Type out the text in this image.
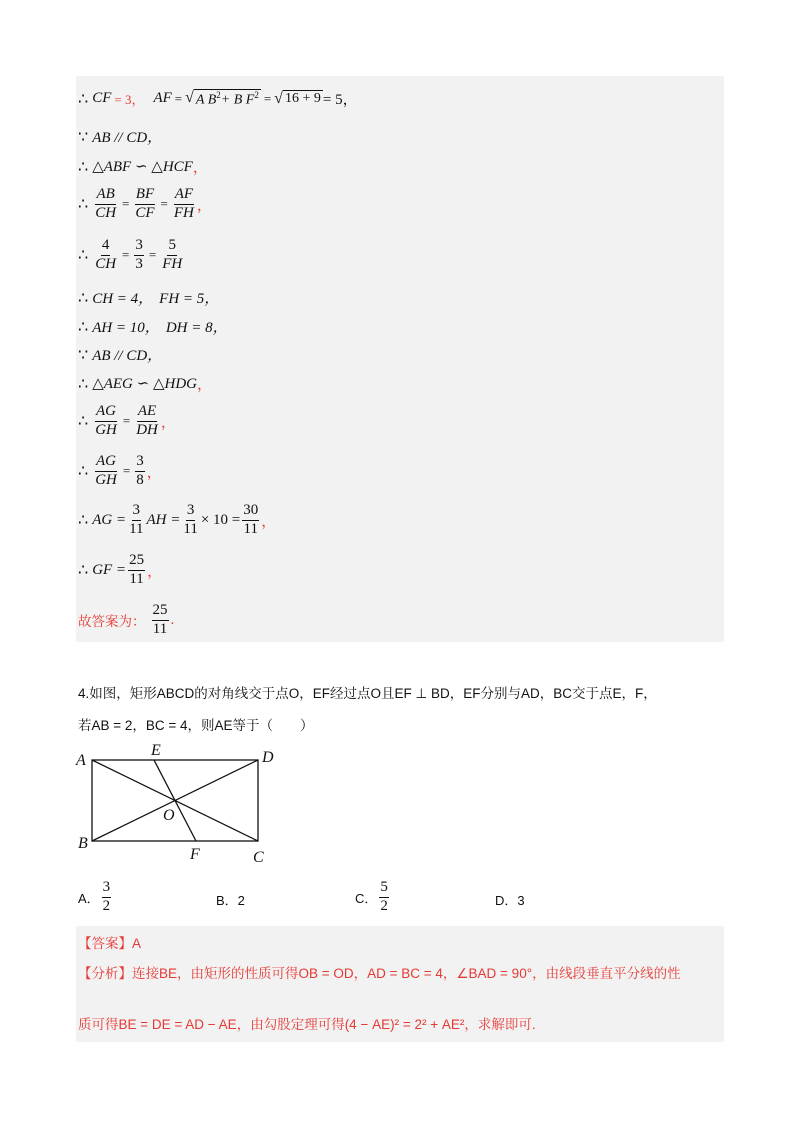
∴ CF = 3， AF = √ A $B^2+ B$ $F^2$ = √ 16 + 9 = 5，
∵ AB // CD，
∴ △ABF ∽ △HCF ，
∴ $\frac{AB}{CH} = \frac{BF}{CF} = \frac{AF}{FH}$ ，
∴ $\frac{4}{CH} = \frac{3}{3} = \frac{5}{FH}$
∴ CH = 4， FH = 5，
∴ AH = 10， DH = 8，
∵ AB // CD，
∴ △AEG ∽ △HDG ，
∴ $\frac{AG}{GH} = \frac{AE}{DH}$ ，
∴ $\frac{AG}{GH} = \frac{3}{8}$ ，
∴ AG = $\frac{3}{11}$ AH = $\frac{3}{11} \times 10 = \frac{30}{11}$ ，
∴ GF = $\frac{25}{11}$ ，
故答案为： $\frac{25}{11}$ .
4.如图，矩形ABCD的对角线交于点O，EF经过点O且EF ⊥ BD，EF分别与AD，BC交于点E，F，
若AB = 2，BC = 4，则AE等于（　　）
A
B
C
D
E
F
O
A． $\frac{3}{2}$	B．2	C． $\frac{5}{2}$	D．3
【答案】A
【分析】连接BE，由矩形的性质可得OB = OD，AD = BC = 4，∠BAD = 90°，由线段垂直平分线的性
质可得BE = DE = AD − AE，由勾股定理可得(4 − AE)² = 2² + AE²，求解即可.
